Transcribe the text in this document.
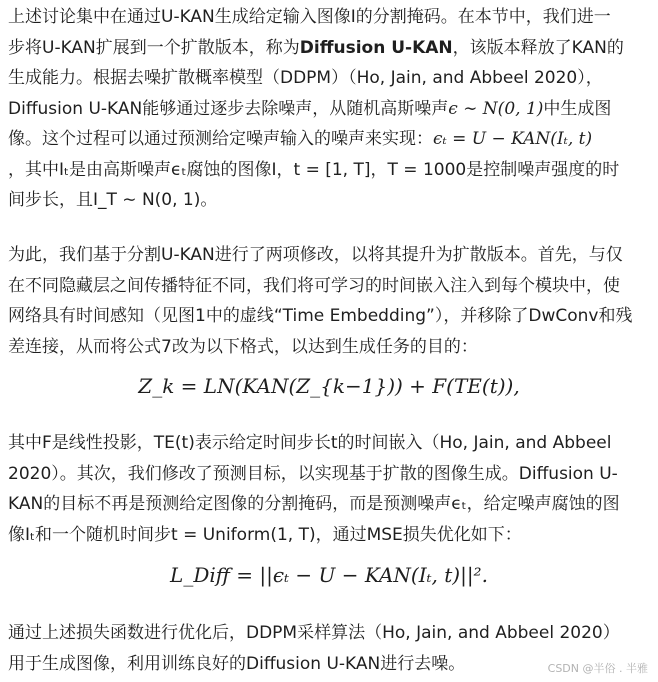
上述讨论集中在通过U-KAN生成给定输入图像I的分割掩码。在本节中，我们进一
步将U-KAN扩展到一个扩散版本，称为Diffusion U-KAN，该版本释放了KAN的
生成能力。根据去噪扩散概率模型（DDPM）（Ho, Jain, and Abbeel 2020），
Diffusion U-KAN能够通过逐步去除噪声，从随机高斯噪声ϵ ∼ N(0, 1)中生成图
像。这个过程可以通过预测给定噪声输入的噪声来实现：ϵₜ = U − KAN(Iₜ, t)
，其中Iₜ是由高斯噪声ϵₜ腐蚀的图像I，t = [1, T]，T = 1000是控制噪声强度的时
间步长，且I_T ∼ N(0, 1)。
为此，我们基于分割U-KAN进行了两项修改，以将其提升为扩散版本。首先，与仅
在不同隐藏层之间传播特征不同，我们将可学习的时间嵌入注入到每个模块中，使
网络具有时间感知（见图1中的虚线“Time Embedding”），并移除了DwConv和残
差连接，从而将公式7改为以下格式，以达到生成任务的目的：
Z_k = LN(KAN(Z_{k−1})) + F(TE(t)),
其中F是线性投影，TE(t)表示给定时间步长t的时间嵌入（Ho, Jain, and Abbeel
2020）。其次，我们修改了预测目标，以实现基于扩散的图像生成。Diffusion U-
KAN的目标不再是预测给定图像的分割掩码，而是预测噪声ϵₜ，给定噪声腐蚀的图
像Iₜ和一个随机时间步t = Uniform(1, T)，通过MSE损失优化如下：
L_Diff = ||ϵₜ − U − KAN(Iₜ, t)||².
通过上述损失函数进行优化后，DDPM采样算法（Ho, Jain, and Abbeel 2020）
用于生成图像，利用训练良好的Diffusion U-KAN进行去噪。	CSDN @半俗 . 半雅
